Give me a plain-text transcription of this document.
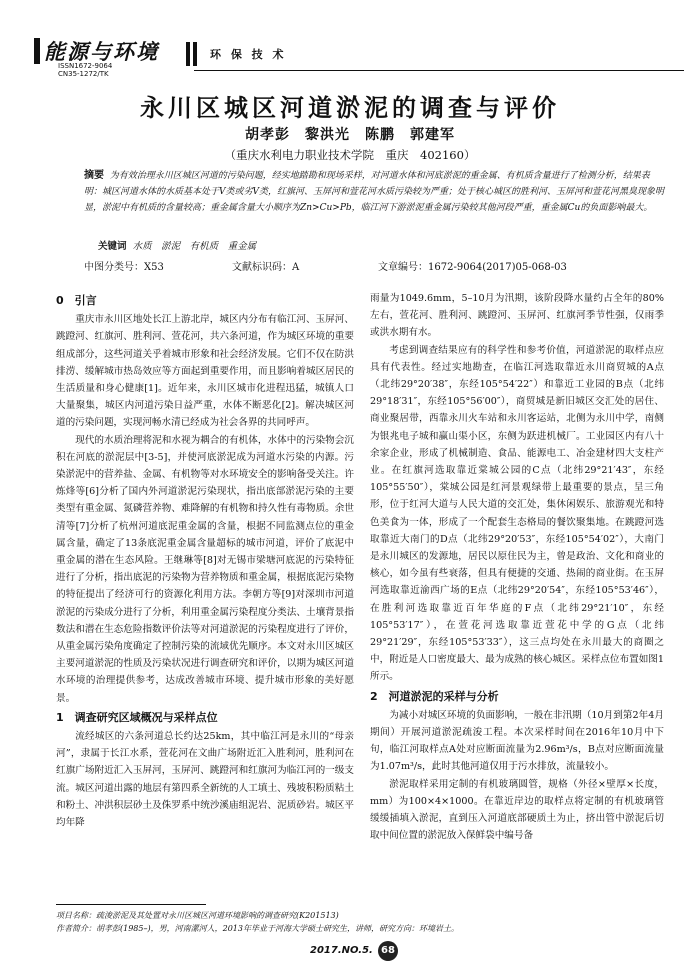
能源与环境
ISSN1672-9064
CN35-1272/TK
环 保 技 术
永川区城区河道淤泥的调查与评价
胡孝彭　黎洪光　陈鹏　郭建军
（重庆水利电力职业技术学院　重庆　402160）
摘要 为有效治理永川区城区河道的污染问题，经实地踏勘和现场采样，对河道水体和河底淤泥的重金属、有机质含量进行了检测分析，结果表明：城区河道水体的水质基本处于Ⅴ类或劣Ⅴ类，红旗河、玉屏河和萱花河水质污染较为严重；处于核心城区的胜利河、玉屏河和萱花河黑臭现象明显，淤泥中有机质的含量较高；重金属含量大小顺序为Zn>Cu>Pb，临江河下游淤泥重金属污染较其他河段严重，重金属Cu的负面影响最大。
关键词 水质　淤泥　有机质　重金属
中图分类号：X53	文献标识码：A	文章编号：1672-9064(2017)05-068-03
0　引言

重庆市永川区地处长江上游北岸，城区内分布有临江河、玉屏河、跳蹬河、红旗河、胜利河、萱花河，共六条河道，作为城区环境的重要组成部分，这些河道关乎着城市形象和社会经济发展。它们不仅在防洪排涝、缓解城市热岛效应等方面起到重要作用，而且影响着城区居民的生活质量和身心健康[1]。近年来，永川区城市化进程迅猛，城镇人口大量聚集，城区内河道污染日益严重，水体不断恶化[2]。解决城区河道的污染问题，实现河畅水清已经成为社会各界的共同呼声。

现代的水质治理将泥和水视为耦合的有机体，水体中的污染物会沉积在河底的淤泥层中[3-5]，并使河底淤泥成为河道水污染的内源。污染淤泥中的营养盐、金属、有机物等对水环境安全的影响备受关注。许炼烽等[6]分析了国内外河道淤泥污染现状，指出底部淤泥污染的主要类型有重金属、氮磷营养物、难降解的有机物和持久性有毒物质。余世清等[7]分析了杭州河道底泥重金属的含量，根据不同监测点位的重金属含量，确定了13条底泥重金属含量超标的城市河道，评价了底泥中重金属的潜在生态风险。王继琳等[8]对无锡市梁塘河底泥的污染特征进行了分析，指出底泥的污染物为营养物质和重金属，根据底泥污染物的特征提出了经济可行的资源化利用方法。李朝方等[9]对深圳市河道淤泥的污染成分进行了分析，利用重金属污染程度分类法、土壤背景指数法和潜在生态危险指数评价法等对河道淤泥的污染程度进行了评价，从重金属污染角度确定了控制污染的流域优先顺序。本文对永川区城区主要河道淤泥的性质及污染状况进行调查研究和评价，以期为城区河道水环境的治理提供参考，达成改善城市环境、提升城市形象的美好愿景。

1　调查研究区域概况与采样点位

流经城区的六条河道总长约达25km，其中临江河是永川的“母亲河”，隶属于长江水系，萱花河在文曲广场附近汇入胜利河，胜利河在红旗广场附近汇入玉屏河，玉屏河、跳蹬河和红旗河为临江河的一级支流。城区河道出露的地层有第四系全新统的人工填土、残坡积粉质粘土和粉土、冲洪积层砂土及侏罗系中统沙溪庙组泥岩、泥质砂岩。城区平均年降

雨量为1049.6mm，5–10月为汛期，该阶段降水量约占全年的80%左右，萱花河、胜利河、跳蹬河、玉屏河、红旗河季节性强，仅雨季或洪水期有水。

考虑到调查结果应有的科学性和参考价值，河道淤泥的取样点应具有代表性。经过实地勘查，在临江河选取靠近永川商贸城的A点（北纬29°20′38″，东经105°54′22″）和靠近工业园的B点（北纬29°18′31″，东经105°56′00″），商贸城是新旧城区交汇处的居住、商业聚居带，西靠永川火车站和永川客运站，北侧为永川中学，南侧为银兆电子城和赢山渠小区，东侧为跃进机械厂。工业园区内有八十余家企业，形成了机械制造、食品、能源电工、冶金建材四大支柱产业。在红旗河选取靠近棠城公园的C点（北纬29°21′43″，东经105°55′50″），棠城公园是红河景观绿带上最重要的景点，呈三角形，位于红河大道与人民大道的交汇处，集休闲娱乐、旅游观光和特色美食为一体，形成了一个配套生态格局的餐饮聚集地。在跳蹬河选取靠近大南门的D点（北纬29°20′53″，东经105°54′02″），大南门是永川城区的发源地，居民以原住民为主，曾是政治、文化和商业的核心，如今虽有些衰落，但具有便捷的交通、热闹的商业街。在玉屏河选取靠近渝西广场的E点（北纬29°20′54″，东经105°53′46″），在胜利河选取靠近百年华庭的F点（北纬29°21′10″，东经105°53′17″），在萱花河选取靠近萱花中学的G点（北纬29°21′29″，东经105°53′33″），这三点均处在永川最大的商圈之中，附近是人口密度最大、最为成熟的核心城区。采样点位布置如图1所示。

2　河道淤泥的采样与分析

为减小对城区环境的负面影响，一般在非汛期（10月到第2年4月期间）开展河道淤泥疏浚工程。本次采样时间在2016年10月中下旬，临江河取样点A处对应断面流量为2.96m³/s，B点对应断面流量为1.07m³/s，此时其他河道仅用于污水排放，流量较小。

淤泥取样采用定制的有机玻璃圆管，规格（外径×壁厚×长度，mm）为100×4×1000。在靠近岸边的取样点将定制的有机玻璃管缓缓插填入淤泥，直到压入河道底部硬质土为止，挤出管中淤泥后切取中间位置的淤泥放入保鲜袋中编号备

项目名称：疏浚淤泥及其处置对永川区城区河道环境影响的调查研究(K201513)
作者简介：胡孝彭(1985–)，男，河南漯河人，2013年毕业于河海大学硕士研究生，讲师，研究方向：环境岩土。
2017.NO.5. 68
